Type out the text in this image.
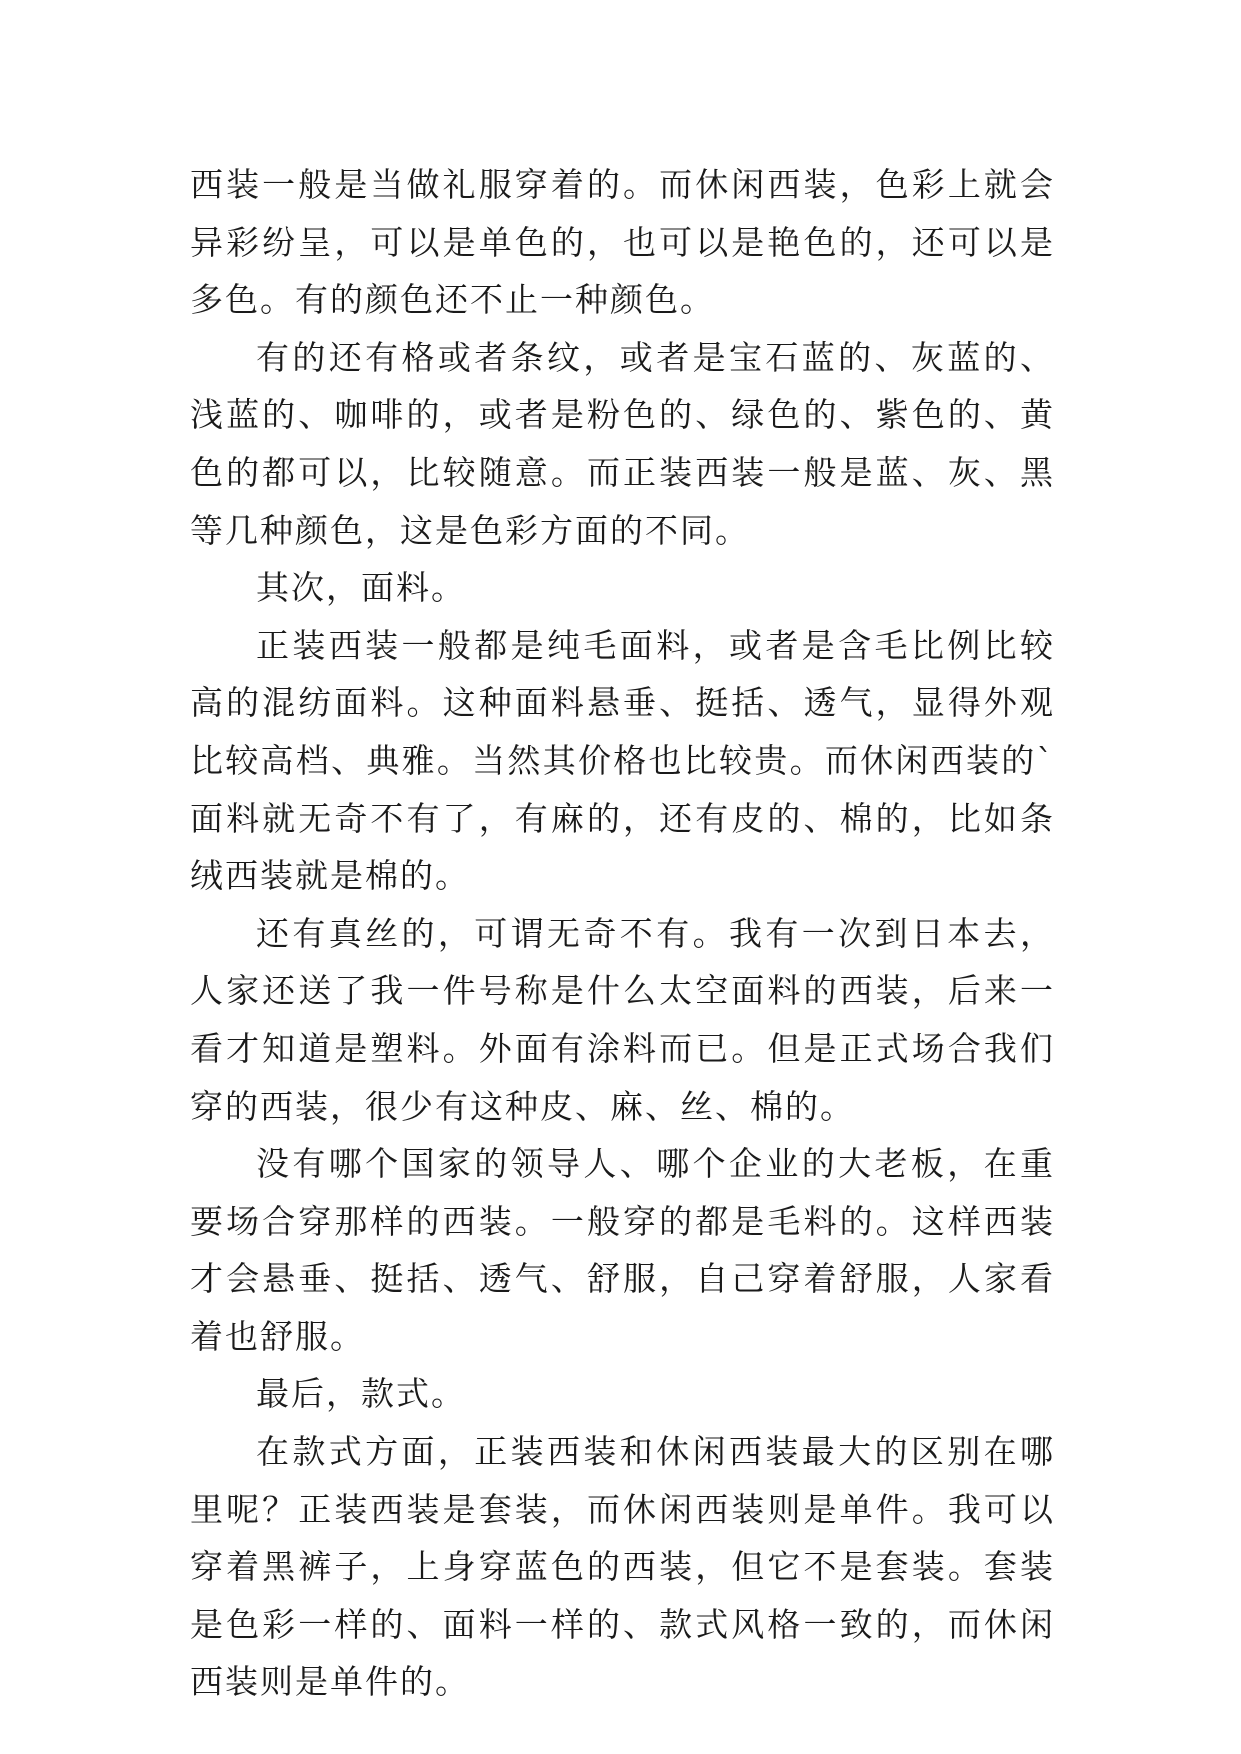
西装一般是当做礼服穿着的。而休闲西装，色彩上就会异彩纷呈，可以是单色的，也可以是艳色的，还可以是多色。有的颜色还不止一种颜色。

有的还有格或者条纹，或者是宝石蓝的、灰蓝的、浅蓝的、咖啡的，或者是粉色的、绿色的、紫色的、黄色的都可以，比较随意。而正装西装一般是蓝、灰、黑等几种颜色，这是色彩方面的不同。

其次，面料。

正装西装一般都是纯毛面料，或者是含毛比例比较高的混纺面料。这种面料悬垂、挺括、透气，显得外观比较高档、典雅。当然其价格也比较贵。而休闲西装的`面料就无奇不有了，有麻的，还有皮的、棉的，比如条绒西装就是棉的。

还有真丝的，可谓无奇不有。我有一次到日本去，人家还送了我一件号称是什么太空面料的西装，后来一看才知道是塑料。外面有涂料而已。但是正式场合我们穿的西装，很少有这种皮、麻、丝、棉的。

没有哪个国家的领导人、哪个企业的大老板，在重要场合穿那样的西装。一般穿的都是毛料的。这样西装才会悬垂、挺括、透气、舒服，自己穿着舒服，人家看着也舒服。

最后，款式。

在款式方面，正装西装和休闲西装最大的区别在哪里呢？正装西装是套装，而休闲西装则是单件。我可以穿着黑裤子，上身穿蓝色的西装，但它不是套装。套装是色彩一样的、面料一样的、款式风格一致的，而休闲西装则是单件的。
